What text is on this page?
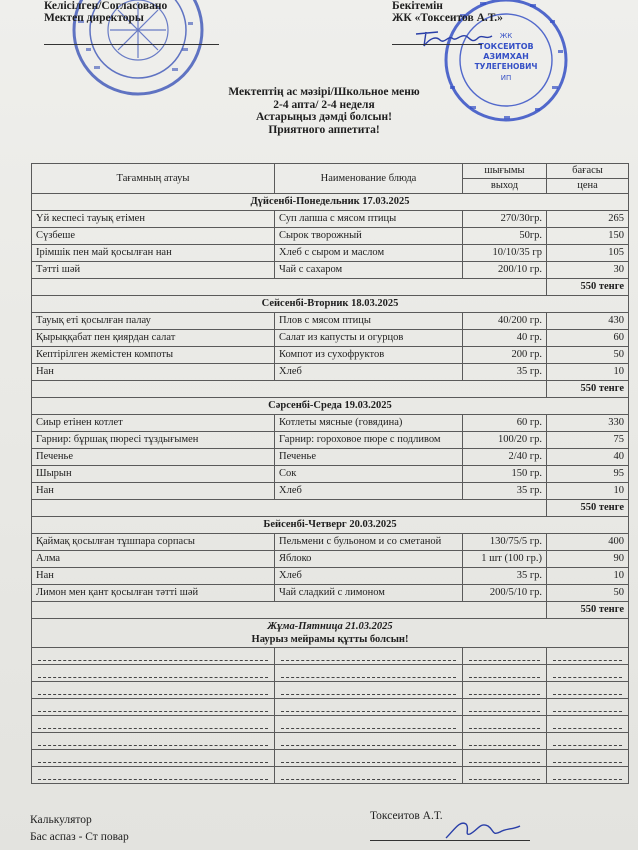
ЖК
ТОКСЕИТОВ
АЗИМХАН
ТУЛЕГЕНОВИЧ
ИП
Келісілген/Согласовано
Мектеп директоры
Бекітемін
ЖК «Токсеитов А.Т.»
Мектептің ас мәзірі/Школьное меню
2-4 апта/ 2-4 неделя
Астарыңыз дәмді болсын!
Приятного аппетита!
Тағамның атауы	Наименование блюда	шығымы	бағасы
		выход	цена
Дүйсенбі-Понедельник 17.03.2025			
Үй кеспесі тауық етімен	Суп лапша с мясом птицы	270/30гр.	265
Сүзбеше	Сырок творожный	50гр.	150
Ірімшік пен май қосылған нан	Хлеб с сыром и маслом	10/10/35 гр	105
Тәтті шәй	Чай с сахаром	200/10 гр.	30
			550 тенге
Сейсенбі-Вторник 18.03.2025			
Тауық еті қосылған палау	Плов с мясом птицы	40/200 гр.	430
Қырыққабат пен қиярдан салат	Салат из капусты и огурцов	40 гр.	60
Кептірілген жемістен компоты	Компот из сухофруктов	200 гр.	50
Нан	Хлеб	35 гр.	10
			550 тенге
Сәрсенбі-Среда 19.03.2025			
Сиыр етінен котлет	Котлеты мясные (говядина)	60 гр.	330
Гарнир: бұршақ пюресі тұздығымен	Гарнир: гороховое пюре с подливом	100/20 гр.	75
Печенье	Печенье	2/40 гр.	40
Шырын	Сок	150 гр.	95
Нан	Хлеб	35 гр.	10
			550 тенге
Бейсенбі-Четверг 20.03.2025			
Қаймақ қосылған тұшпара сорпасы	Пельмени с бульоном и со сметаной	130/75/5 гр.	400
Алма	Яблоко	1 шт (100 гр.)	90
Нан	Хлеб	35 гр.	10
Лимон мен қант қосылған тәтті шәй	Чай сладкий с лимоном	200/5/10 гр.	50
			550 тенге

Жұма-Пятница 21.03.2025
Наурыз мейрамы құтты болсын!			

Калькулятор
Бас аспаз - Ст повар
Токсеитов А.Т.
